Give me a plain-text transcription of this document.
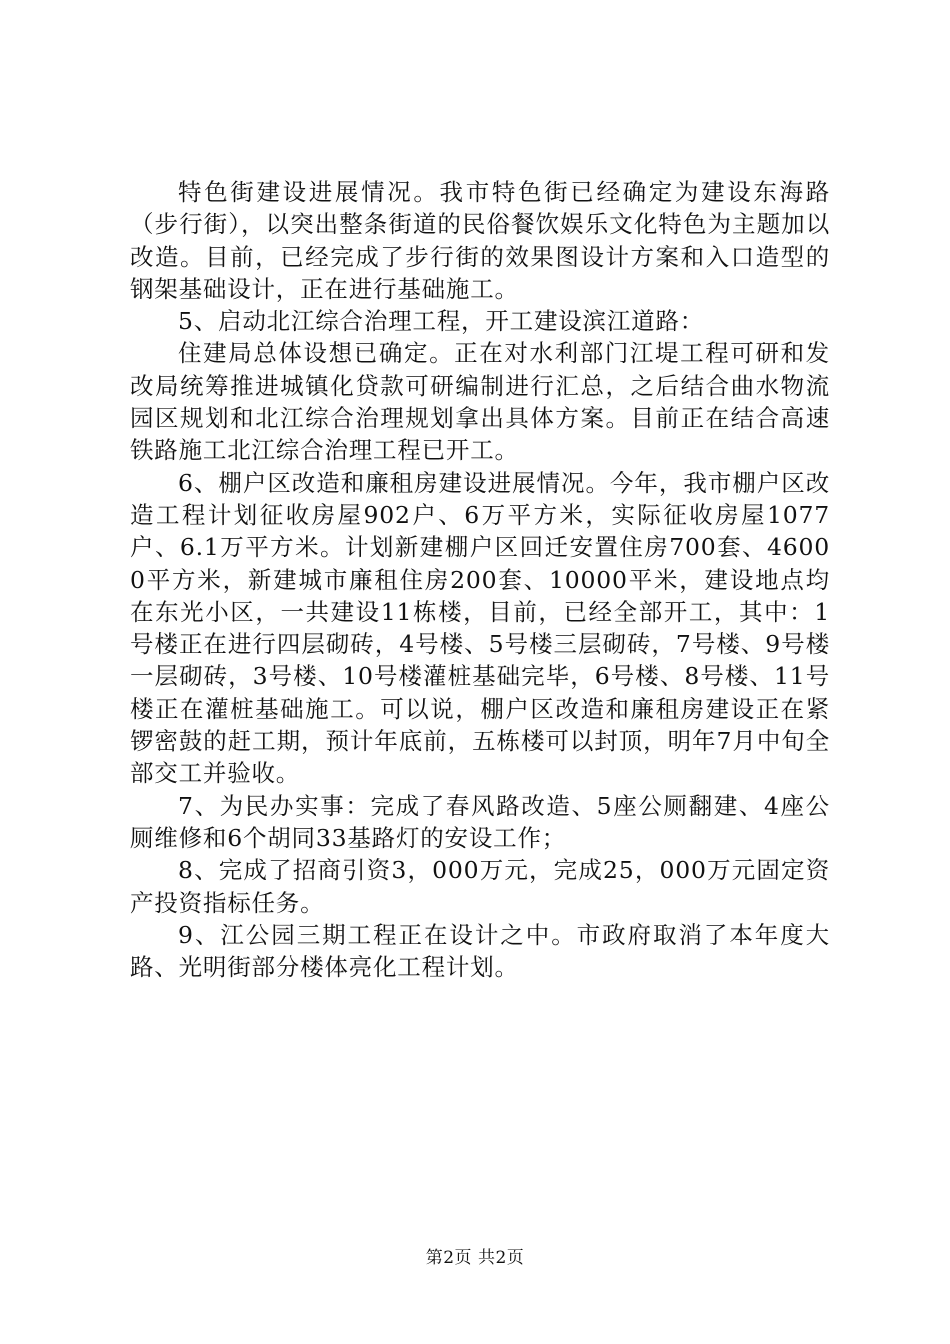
特色街建设进展情况。我市特色街已经确定为建设东海路（步行街），以突出整条街道的民俗餐饮娱乐文化特色为主题加以改造。目前，已经完成了步行街的效果图设计方案和入口造型的钢架基础设计，正在进行基础施工。

5、启动北江综合治理工程，开工建设滨江道路：

住建局总体设想已确定。正在对水利部门江堤工程可研和发改局统筹推进城镇化贷款可研编制进行汇总，之后结合曲水物流园区规划和北江综合治理规划拿出具体方案。目前正在结合高速铁路施工北江综合治理工程已开工。

6、棚户区改造和廉租房建设进展情况。今年，我市棚户区改造工程计划征收房屋902户、6万平方米，实际征收房屋1077户、6.1万平方米。计划新建棚户区回迁安置住房700套、46000平方米，新建城市廉租住房200套、10000平米，建设地点均在东光小区，一共建设11栋楼，目前，已经全部开工，其中：1号楼正在进行四层砌砖，4号楼、5号楼三层砌砖，7号楼、9号楼一层砌砖，3号楼、10号楼灌桩基础完毕，6号楼、8号楼、11号楼正在灌桩基础施工。可以说，棚户区改造和廉租房建设正在紧锣密鼓的赶工期，预计年底前，五栋楼可以封顶，明年7月中旬全部交工并验收。

7、为民办实事：完成了春风路改造、5座公厕翻建、4座公厕维修和6个胡同33基路灯的安设工作；

8、完成了招商引资3，000万元，完成25，000万元固定资产投资指标任务。

9、江公园三期工程正在设计之中。市政府取消了本年度大路、光明街部分楼体亮化工程计划。

第2页 共2页
